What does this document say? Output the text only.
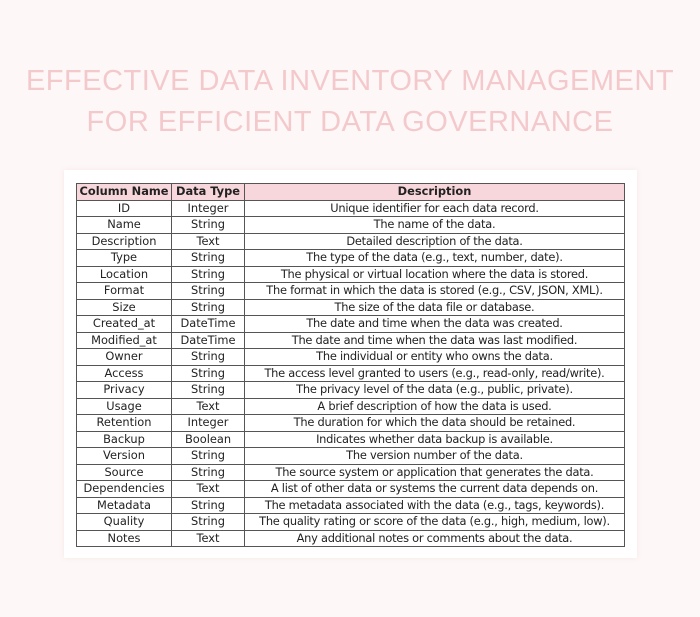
EFFECTIVE DATA INVENTORY MANAGEMENT
FOR EFFICIENT DATA GOVERNANCE
Column Name	Data Type	Description
ID	Integer	Unique identifier for each data record.
Name	String	The name of the data.
Description	Text	Detailed description of the data.
Type	String	The type of the data (e.g., text, number, date).
Location	String	The physical or virtual location where the data is stored.
Format	String	The format in which the data is stored (e.g., CSV, JSON, XML).
Size	String	The size of the data file or database.
Created_at	DateTime	The date and time when the data was created.
Modified_at	DateTime	The date and time when the data was last modified.
Owner	String	The individual or entity who owns the data.
Access	String	The access level granted to users (e.g., read-only, read/write).
Privacy	String	The privacy level of the data (e.g., public, private).
Usage	Text	A brief description of how the data is used.
Retention	Integer	The duration for which the data should be retained.
Backup	Boolean	Indicates whether data backup is available.
Version	String	The version number of the data.
Source	String	The source system or application that generates the data.
Dependencies	Text	A list of other data or systems the current data depends on.
Metadata	String	The metadata associated with the data (e.g., tags, keywords).
Quality	String	The quality rating or score of the data (e.g., high, medium, low).
Notes	Text	Any additional notes or comments about the data.
